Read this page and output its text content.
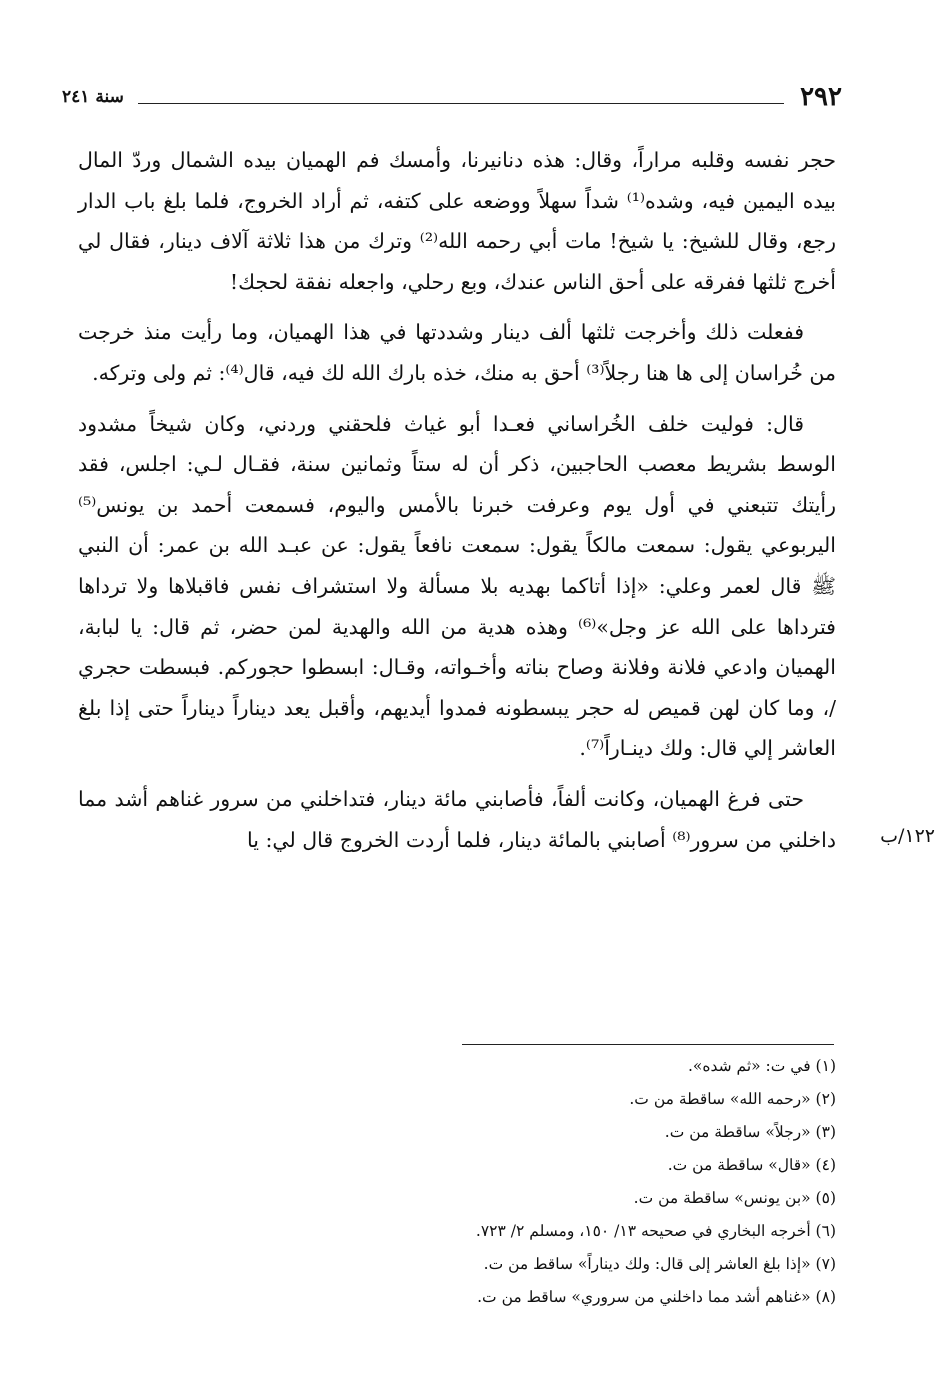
٢٩٢
سنة ٢٤١

حجر نفسه وقلبه مراراً، وقال: هذه دنانيرنا، وأمسك فم الهميان بيده الشمال وردّ المال بيده اليمين فيه، وشده⁽¹⁾ شداً سهلاً ووضعه على كتفه، ثم أراد الخروج، فلما بلغ باب الدار رجع، وقال للشيخ: يا شيخ! مات أبي رحمه الله⁽²⁾ وترك من هذا ثلاثة آلاف دينار، فقال لي أخرج ثلثها ففرقه على أحق الناس عندك، وبع رحلي، واجعله نفقة لحجك!

ففعلت ذلك وأخرجت ثلثها ألف دينار وشددتها في هذا الهميان، وما رأيت منذ خرجت من خُراسان إلى ها هنا رجلاً⁽³⁾ أحق به منك، خذه بارك الله لك فيه، قال⁽⁴⁾: ثم ولى وتركه.

قال: فوليت خلف الخُراساني فعـدا أبو غياث فلحقني وردني، وكان شيخاً مشدود الوسط بشريط معصب الحاجبين، ذكر أن له ستاً وثمانين سنة، فقـال لـي: اجلس، فقد رأيتك تتبعني في أول يوم وعرفت خبرنا بالأمس واليوم، فسمعت أحمد بن يونس⁽⁵⁾ اليربوعي يقول: سمعت مالكاً يقول: سمعت نافعاً يقول: عن عبـد الله بن عمر: أن النبي ﷺ قال لعمر وعلي: «إذا أتاكما بهديه بلا مسألة ولا استشراف نفس فاقبلاها ولا ترداها فترداها على الله عز وجل»⁽⁶⁾ وهذه هدية من الله والهدية لمن حضر، ثم قال: يا لبابة، الهميان وادعي فلانة وفلانة وصاح بناته وأخـواته، وقـال: ابسطوا حجوركم. فبسطت حجري /، وما كان لهن قميص له حجر يبسطونه فمدوا أيديهم، وأقبل يعد ديناراً ديناراً حتى إذا بلغ العاشر إلي قال: ولك دينـاراً⁽⁷⁾.

حتى فرغ الهميان، وكانت ألفاً، فأصابني مائة دينار، فتداخلني من سرور غناهم أشد مما داخلني من سرور⁽⁸⁾ أصابني بالمائة دينار، فلما أردت الخروج قال لي: يا	١٢٢/ب

(١) في ت: «ثم شده».

(٢) «رحمه الله» ساقطة من ت.

(٣) «رجلاً» ساقطة من ت.

(٤) «قال» ساقطة من ت.

(٥) «بن يونس» ساقطة من ت.

(٦) أخرجه البخاري في صحيحه ١٣/ ١٥٠، ومسلم ٢/ ٧٢٣.

(٧) «إذا بلغ العاشر إلى قال: ولك ديناراً» ساقط من ت.

(٨) «غناهم أشد مما داخلني من سروري» ساقط من ت.
